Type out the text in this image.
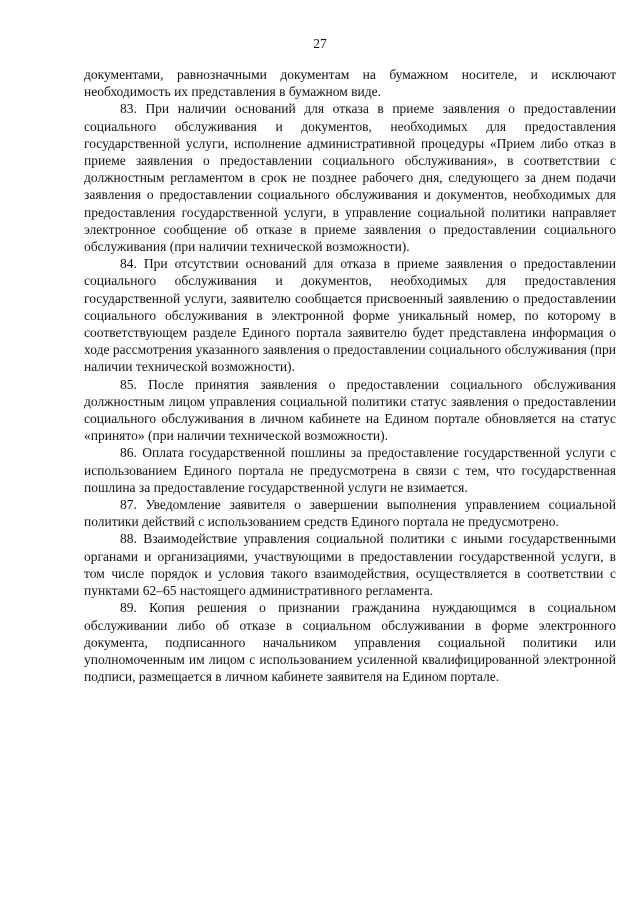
27

документами, равнозначными документам на бумажном носителе, и исключают необходимость их представления в бумажном виде.

83. При наличии оснований для отказа в приеме заявления о предоставлении социального обслуживания и документов, необходимых для предоставления государственной услуги, исполнение административной процедуры «Прием либо отказ в приеме заявления о предоставлении социального обслуживания», в соответствии с должностным регламентом в срок не позднее рабочего дня, следующего за днем подачи заявления о предоставлении социального обслуживания и документов, необходимых для предоставления государственной услуги, в управление социальной политики направляет электронное сообщение об отказе в приеме заявления о предоставлении социального обслуживания (при наличии технической возможности).

84. При отсутствии оснований для отказа в приеме заявления о предоставлении социального обслуживания и документов, необходимых для предоставления государственной услуги, заявителю сообщается присвоенный заявлению о предоставлении социального обслуживания в электронной форме уникальный номер, по которому в соответствующем разделе Единого портала заявителю будет представлена информация о ходе рассмотрения указанного заявления о предоставлении социального обслуживания (при наличии технической возможности).

85. После принятия заявления о предоставлении социального обслуживания должностным лицом управления социальной политики статус заявления о предоставлении социального обслуживания в личном кабинете на Едином портале обновляется на статус «принято» (при наличии технической возможности).

86. Оплата государственной пошлины за предоставление государственной услуги с использованием Единого портала не предусмотрена в связи с тем, что государственная пошлина за предоставление государственной услуги не взимается.

87. Уведомление заявителя о завершении выполнения управлением социальной политики действий с использованием средств Единого портала не предусмотрено.

88. Взаимодействие управления социальной политики с иными государственными органами и организациями, участвующими в предоставлении государственной услуги, в том числе порядок и условия такого взаимодействия, осуществляется в соответствии с пунктами 62–65 настоящего административного регламента.

89. Копия решения о признании гражданина нуждающимся в социальном обслуживании либо об отказе в социальном обслуживании в форме электронного документа, подписанного начальником управления социальной политики или уполномоченным им лицом с использованием усиленной квалифицированной электронной подписи, размещается в личном кабинете заявителя на Едином портале.
